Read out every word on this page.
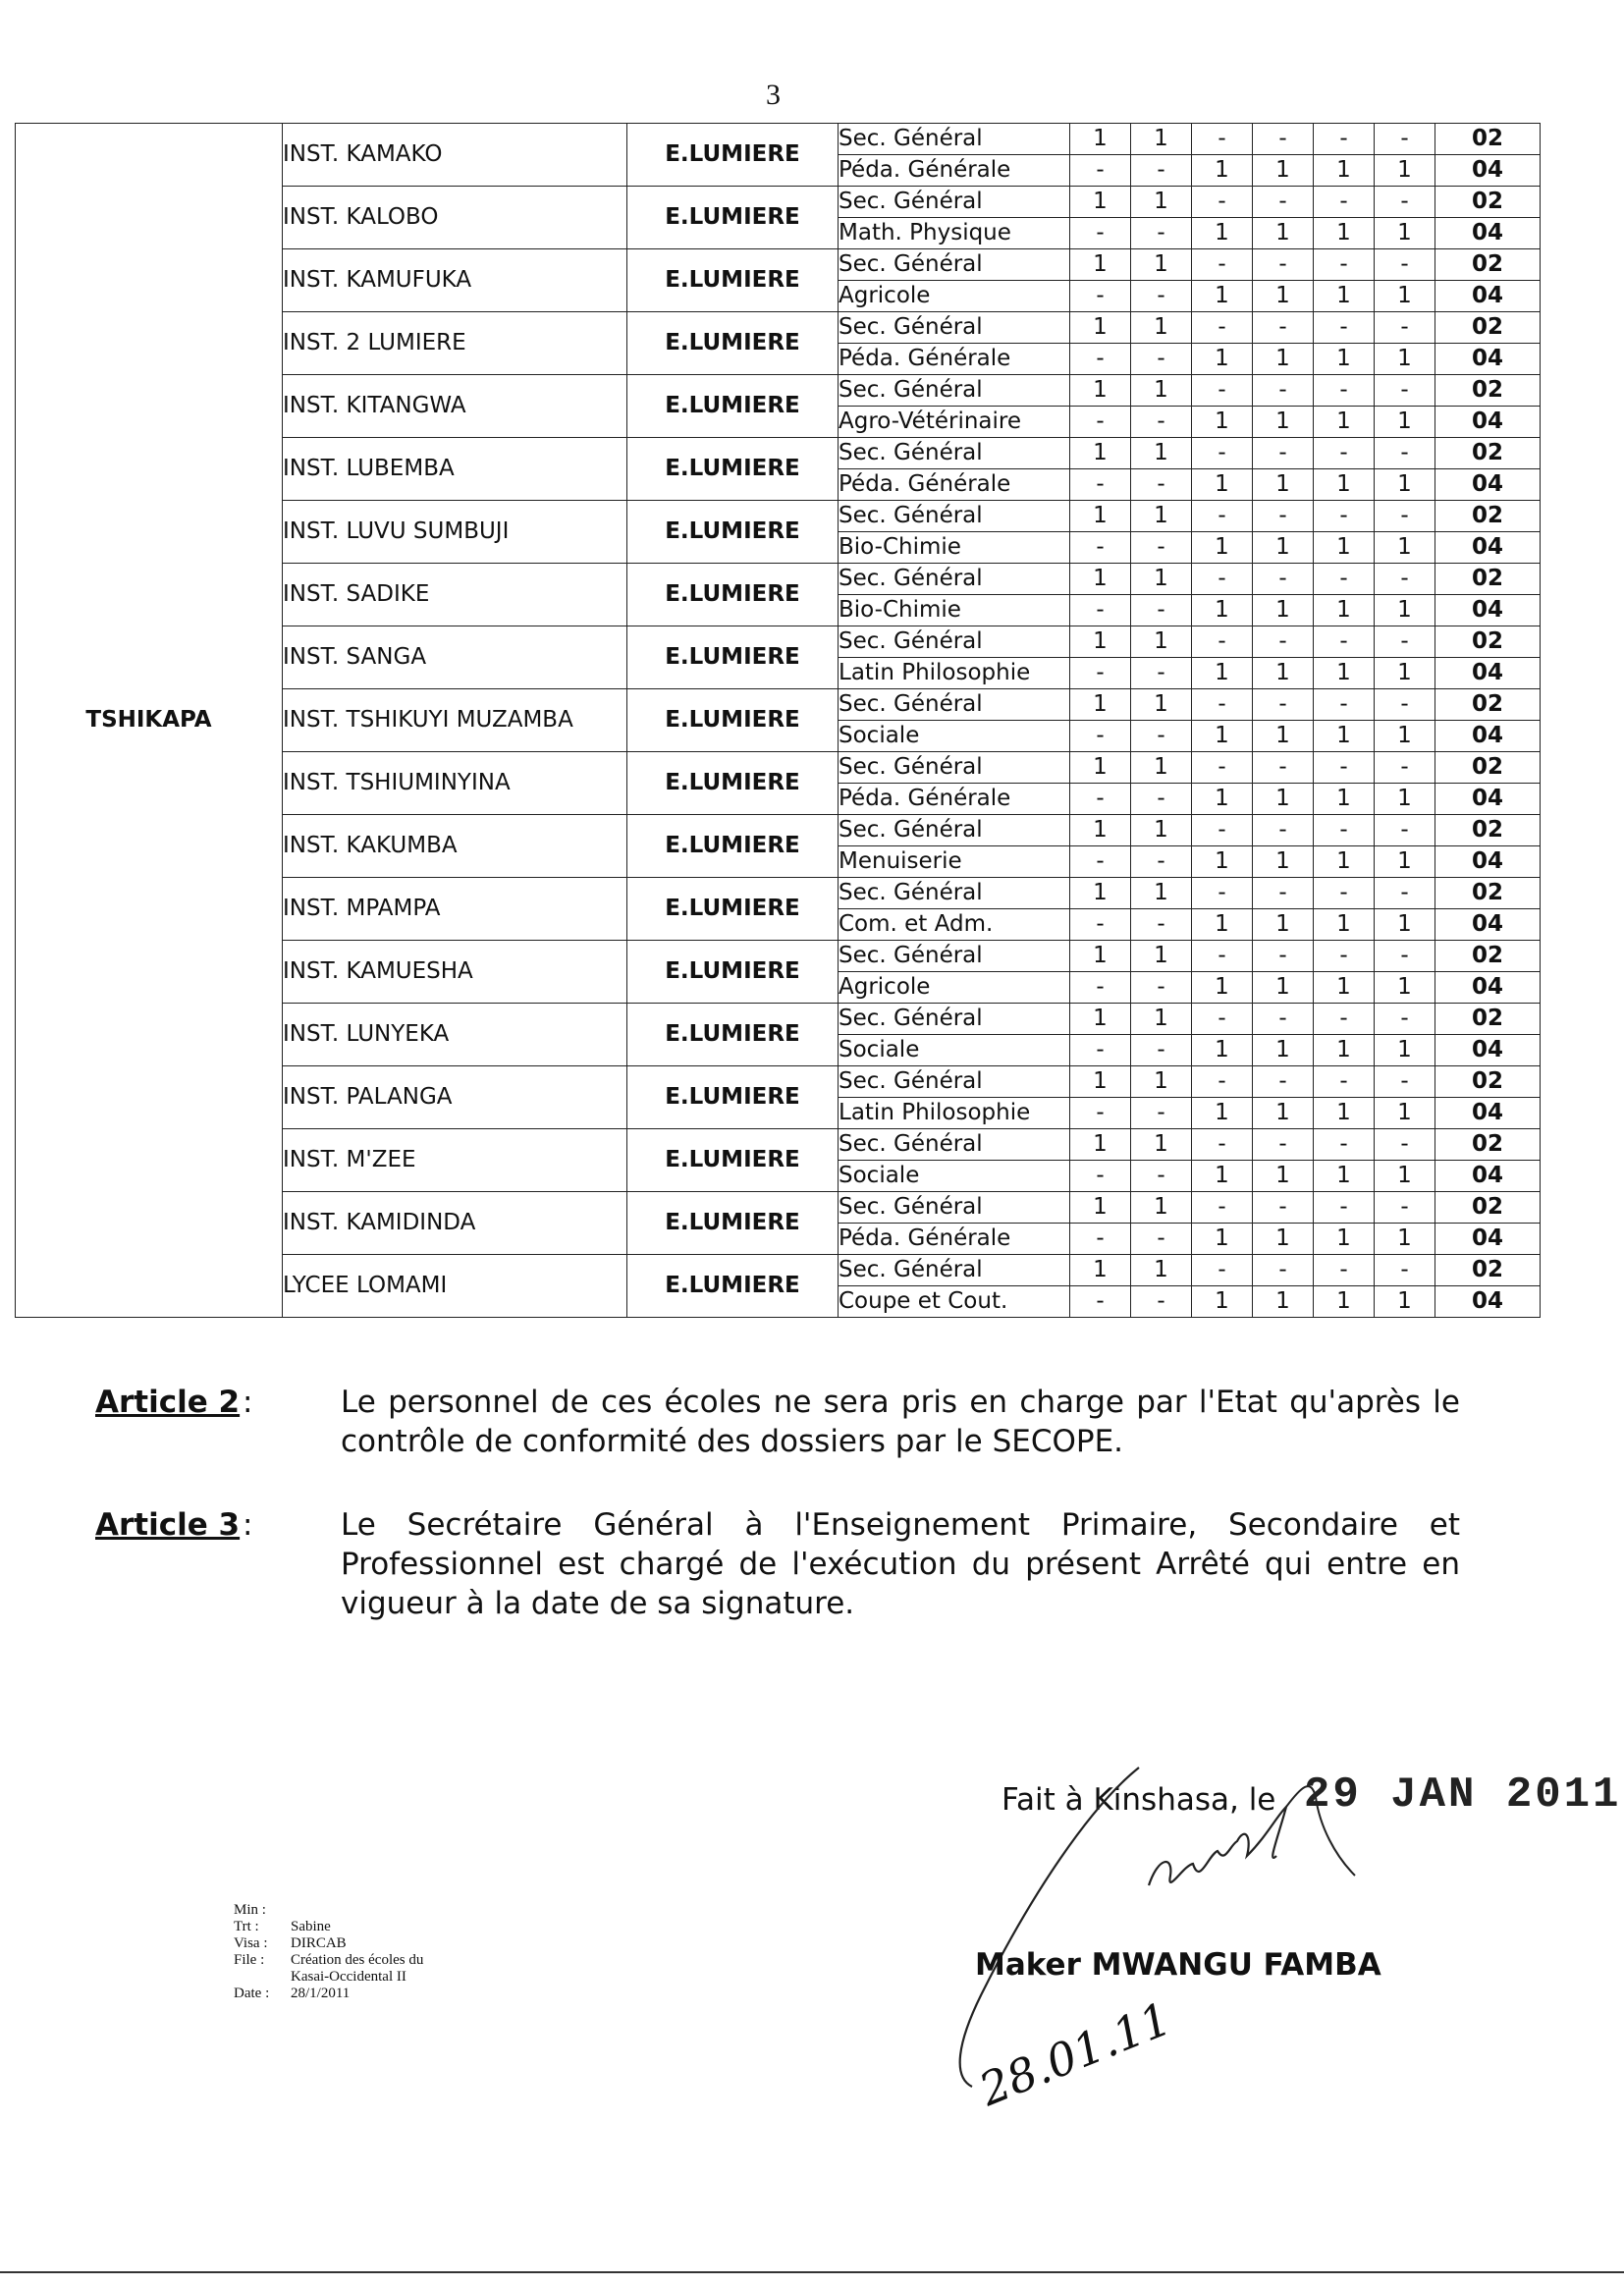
3
TSHIKAPA	INST. KAMAKO	E.LUMIERE	Sec. Général	1	1	-	-	-	-	02
			Péda. Générale	-	-	1	1	1	1	04
	INST. KALOBO	E.LUMIERE	Sec. Général	1	1	-	-	-	-	02
			Math. Physique	-	-	1	1	1	1	04
	INST. KAMUFUKA	E.LUMIERE	Sec. Général	1	1	-	-	-	-	02
			Agricole	-	-	1	1	1	1	04
	INST. 2 LUMIERE	E.LUMIERE	Sec. Général	1	1	-	-	-	-	02
			Péda. Générale	-	-	1	1	1	1	04
	INST. KITANGWA	E.LUMIERE	Sec. Général	1	1	-	-	-	-	02
			Agro-Vétérinaire	-	-	1	1	1	1	04
	INST. LUBEMBA	E.LUMIERE	Sec. Général	1	1	-	-	-	-	02
			Péda. Générale	-	-	1	1	1	1	04
	INST. LUVU SUMBUJI	E.LUMIERE	Sec. Général	1	1	-	-	-	-	02
			Bio-Chimie	-	-	1	1	1	1	04
	INST. SADIKE	E.LUMIERE	Sec. Général	1	1	-	-	-	-	02
			Bio-Chimie	-	-	1	1	1	1	04
	INST. SANGA	E.LUMIERE	Sec. Général	1	1	-	-	-	-	02
			Latin Philosophie	-	-	1	1	1	1	04
	INST. TSHIKUYI MUZAMBA	E.LUMIERE	Sec. Général	1	1	-	-	-	-	02
			Sociale	-	-	1	1	1	1	04
	INST. TSHIUMINYINA	E.LUMIERE	Sec. Général	1	1	-	-	-	-	02
			Péda. Générale	-	-	1	1	1	1	04
	INST. KAKUMBA	E.LUMIERE	Sec. Général	1	1	-	-	-	-	02
			Menuiserie	-	-	1	1	1	1	04
	INST. MPAMPA	E.LUMIERE	Sec. Général	1	1	-	-	-	-	02
			Com. et Adm.	-	-	1	1	1	1	04
	INST. KAMUESHA	E.LUMIERE	Sec. Général	1	1	-	-	-	-	02
			Agricole	-	-	1	1	1	1	04
	INST. LUNYEKA	E.LUMIERE	Sec. Général	1	1	-	-	-	-	02
			Sociale	-	-	1	1	1	1	04
	INST. PALANGA	E.LUMIERE	Sec. Général	1	1	-	-	-	-	02
			Latin Philosophie	-	-	1	1	1	1	04
	INST. M'ZEE	E.LUMIERE	Sec. Général	1	1	-	-	-	-	02
			Sociale	-	-	1	1	1	1	04
	INST. KAMIDINDA	E.LUMIERE	Sec. Général	1	1	-	-	-	-	02
			Péda. Générale	-	-	1	1	1	1	04
	LYCEE LOMAMI	E.LUMIERE	Sec. Général	1	1	-	-	-	-	02
			Coupe et Cout.	-	-	1	1	1	1	04
Article 2 :	Le personnel de ces écoles ne sera pris en charge par l'Etat qu'après le contrôle de conformité des dossiers par le SECOPE.
Article 3 :	Le Secrétaire Général à l'Enseignement Primaire, Secondaire et Professionnel est chargé de l'exécution du présent Arrêté qui entre en vigueur à la date de sa signature.
Fait à Kinshasa, le 29 JAN 2011
Maker MWANGU FAMBA
28.01.11
Min :
Trt :	Sabine
Visa :	DIRCAB
File :	Création des écoles du
Kasai-Occidental II
Date :	28/1/2011
